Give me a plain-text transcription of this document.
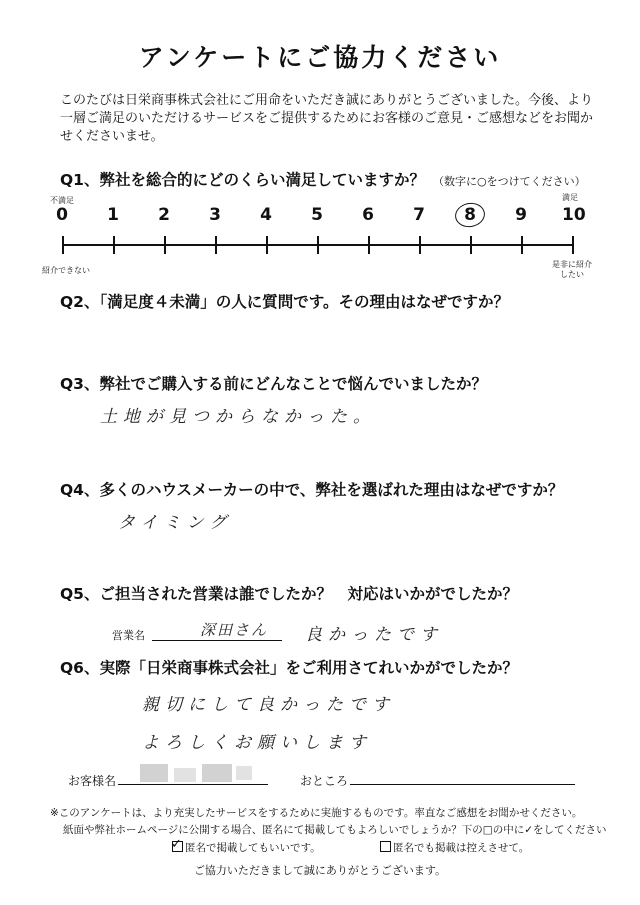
アンケートにご協力ください
このたびは日栄商事株式会社にご用命をいただき誠にありがとうございました。今後、より一層ご満足のいただけるサービスをご提供するためにお客様のご意見・ご感想などをお聞かせくださいませ。
Q1、弊社を総合的にどのくらい満足していますか？ （数字に○をつけてください）
不満足	満足
0 1 2 3 4 5 6 7 8 9 10
紹介できない
是非に紹介したい
Q2、「満足度４未満」の人に質問です。その理由はなぜですか？
Q3、弊社でご購入する前にどんなことで悩んでいましたか？
土地が見つからなかった。
Q4、多くのハウスメーカーの中で、弊社を選ばれた理由はなぜですか？
タイミング
Q5、ご担当された営業は誰でしたか？　対応はいかがでしたか？
営業名	深田さん 良かったです
Q6、実際「日栄商事株式会社」をご利用さてれいかがでしたか？
親切にして良かったです
よろしくお願いします
お客様名	おところ
※このアンケートは、より充実したサービスをするために実施するものです。率直なご感想をお聞かせください。
紙面や弊社ホームページに公開する場合、匿名にて掲載してもよろしいでしょうか？下の□の中に✓をしてください
✓ 匿名で掲載してもいいです。	匿名でも掲載は控えさせて。
ご協力いただきまして誠にありがとうございます。
